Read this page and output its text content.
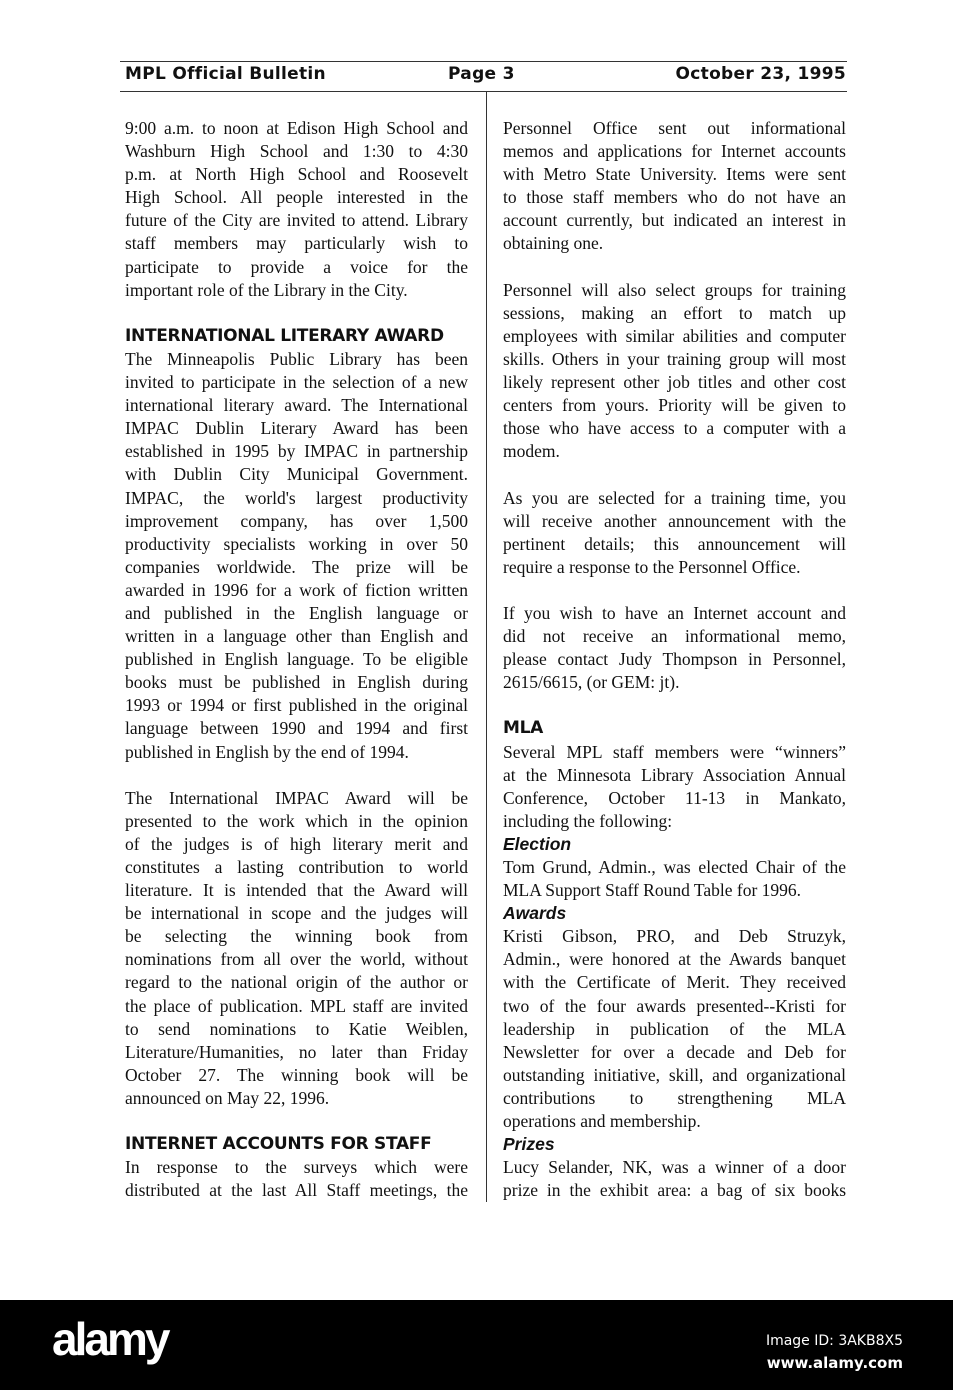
MPL Official Bulletin	Page 3	October 23, 1995
9:00 a.m. to noon at Edison High School and
Washburn High School and 1:30 to 4:30
p.m. at North High School and Roosevelt
High School. All people interested in the
future of the City are invited to attend. Library
staff members may particularly wish to
participate to provide a voice for the
important role of the Library in the City.
INTERNATIONAL LITERARY AWARD
The Minneapolis Public Library has been
invited to participate in the selection of a new
international literary award. The International
IMPAC Dublin Literary Award has been
established in 1995 by IMPAC in partnership
with Dublin City Municipal Government.
IMPAC, the world's largest productivity
improvement company, has over 1,500
productivity specialists working in over 50
companies worldwide. The prize will be
awarded in 1996 for a work of fiction written
and published in the English language or
written in a language other than English and
published in English language. To be eligible
books must be published in English during
1993 or 1994 or first published in the original
language between 1990 and 1994 and first
published in English by the end of 1994.
The International IMPAC Award will be
presented to the work which in the opinion
of the judges is of high literary merit and
constitutes a lasting contribution to world
literature. It is intended that the Award will
be international in scope and the judges will
be selecting the winning book from
nominations from all over the world, without
regard to the national origin of the author or
the place of publication. MPL staff are invited
to send nominations to Katie Weiblen,
Literature/Humanities, no later than Friday
October 27. The winning book will be
announced on May 22, 1996.
INTERNET ACCOUNTS FOR STAFF
In response to the surveys which were
distributed at the last All Staff meetings, the
Personnel Office sent out informational
memos and applications for Internet accounts
with Metro State University. Items were sent
to those staff members who do not have an
account currently, but indicated an interest in
obtaining one.
Personnel will also select groups for training
sessions, making an effort to match up
employees with similar abilities and computer
skills. Others in your training group will most
likely represent other job titles and other cost
centers from yours. Priority will be given to
those who have access to a computer with a
modem.
As you are selected for a training time, you
will receive another announcement with the
pertinent details; this announcement will
require a response to the Personnel Office.
If you wish to have an Internet account and
did not receive an informational memo,
please contact Judy Thompson in Personnel,
2615/6615, (or GEM: jt).
MLA
Several MPL staff members were “winners”
at the Minnesota Library Association Annual
Conference, October 11-13 in Mankato,
including the following:
Election
Tom Grund, Admin., was elected Chair of the
MLA Support Staff Round Table for 1996.
Awards
Kristi Gibson, PRO, and Deb Struzyk,
Admin., were honored at the Awards banquet
with the Certificate of Merit. They received
two of the four awards presented--Kristi for
leadership in publication of the MLA
Newsletter for over a decade and Deb for
outstanding initiative, skill, and organizational
contributions to strengthening MLA
operations and membership.
Prizes
Lucy Selander, NK, was a winner of a door
prize in the exhibit area: a bag of six books
alamy	Image ID: 3AKB8X5
www.alamy.com
